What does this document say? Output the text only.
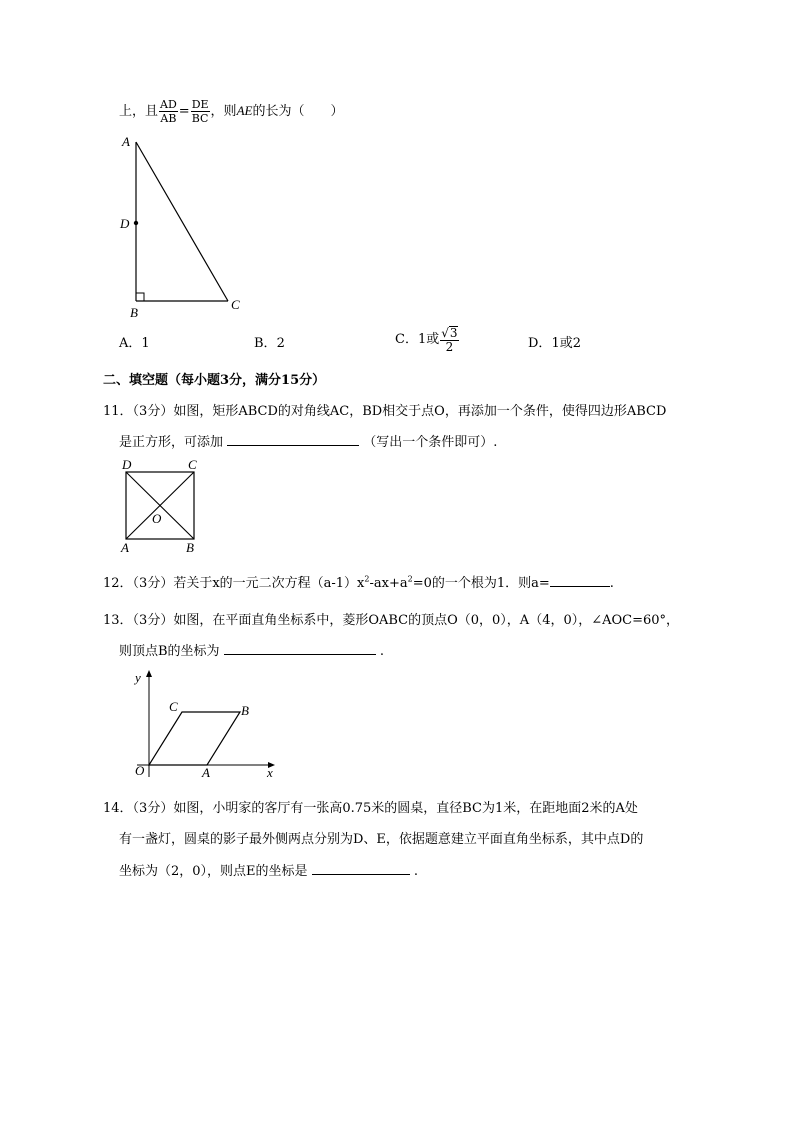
上，且 $\frac{AD}{AB} = \frac{DE}{BC}$ ，则AE的长为（　　）
A
D
B
C
A．1	B．2	C．1或 $\frac{√3}{2}$	D．1或2
二、填空题（每小题3分，满分15分）
11．（3分）如图，矩形ABCD的对角线AC，BD相交于点O，再添加一个条件，使得四边形ABCD
是正方形，可添加	（写出一个条件即可）.
D	C
O
A	B
12．（3分）若关于x的一元二次方程$(a-1)x^2-ax+a^2=0$的一个根为1．则a=	.
13．（3分）如图，在平面直角坐标系中，菱形OABC的顶点O（0，0），A（4，0），∠AOC=60°，
则顶点B的坐标为	.
y
x
O	A
B
C
14．（3分）如图，小明家的客厅有一张高0.75米的圆桌，直径BC为1米，在距地面2米的A处
有一盏灯，圆桌的影子最外侧两点分别为D、E，依据题意建立平面直角坐标系，其中点D的
坐标为（2，0），则点E的坐标是	.
